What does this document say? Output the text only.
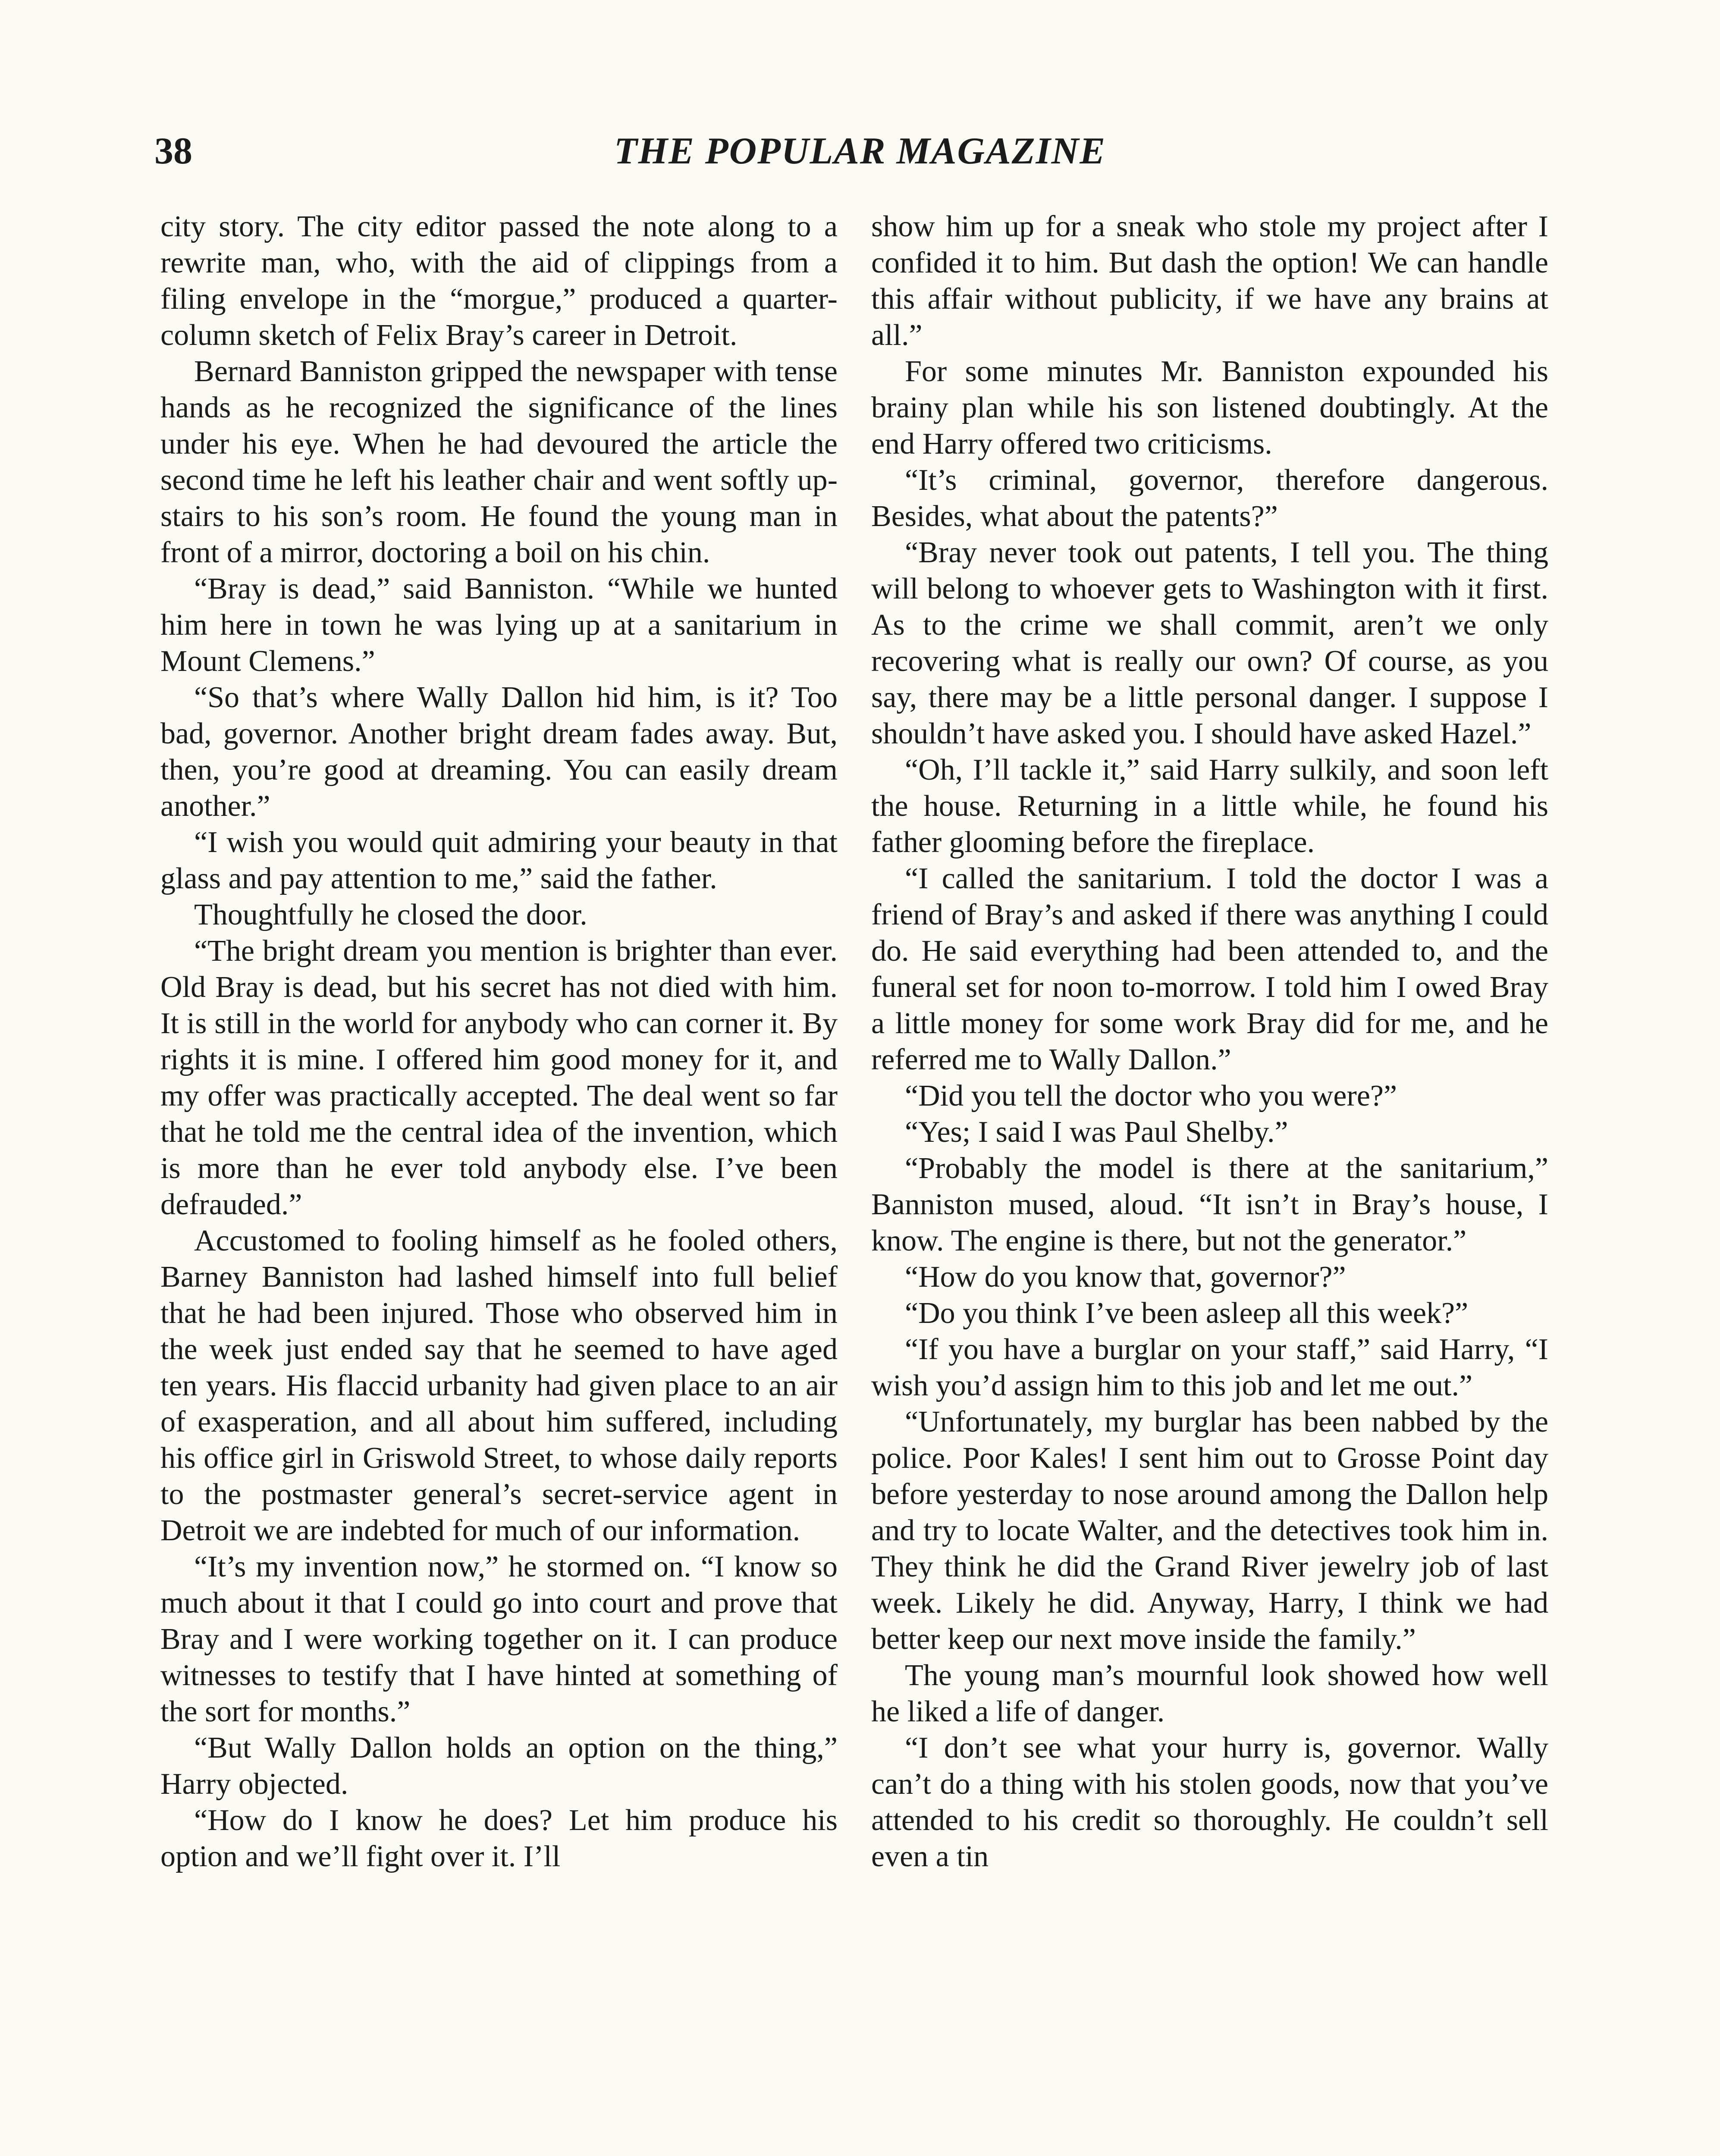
38	THE POPULAR MAGAZINE

city story. The city editor passed the note along to a rewrite man, who, with the aid of clippings from a filing envelope in the “morgue,” produced a quarter-column sketch of Felix Bray’s career in Detroit.

Bernard Banniston gripped the newspaper with tense hands as he recognized the significance of the lines under his eye. When he had devoured the article the second time he left his leather chair and went softly upstairs to his son’s room. He found the young man in front of a mirror, doctoring a boil on his chin.

“Bray is dead,” said Banniston. “While we hunted him here in town he was lying up at a sanitarium in Mount Clemens.”

“So that’s where Wally Dallon hid him, is it? Too bad, governor. Another bright dream fades away. But, then, you’re good at dreaming. You can easily dream another.”

“I wish you would quit admiring your beauty in that glass and pay attention to me,” said the father.

Thoughtfully he closed the door.

“The bright dream you mention is brighter than ever. Old Bray is dead, but his secret has not died with him. It is still in the world for anybody who can corner it. By rights it is mine. I offered him good money for it, and my offer was practically accepted. The deal went so far that he told me the central idea of the invention, which is more than he ever told anybody else. I’ve been defrauded.”

Accustomed to fooling himself as he fooled others, Barney Banniston had lashed himself into full belief that he had been injured. Those who observed him in the week just ended say that he seemed to have aged ten years. His flaccid urbanity had given place to an air of exasperation, and all about him suffered, including his office girl in Griswold Street, to whose daily reports to the postmaster general’s secret-service agent in Detroit we are indebted for much of our information.

“It’s my invention now,” he stormed on. “I know so much about it that I could go into court and prove that Bray and I were working together on it. I can produce witnesses to testify that I have hinted at something of the sort for months.”

“But Wally Dallon holds an option on the thing,” Harry objected.

“How do I know he does? Let him produce his option and we’ll fight over it. I’ll

show him up for a sneak who stole my project after I confided it to him. But dash the option! We can handle this affair without publicity, if we have any brains at all.”

For some minutes Mr. Banniston expounded his brainy plan while his son listened doubtingly. At the end Harry offered two criticisms.

“It’s criminal, governor, therefore dangerous. Besides, what about the patents?”

“Bray never took out patents, I tell you. The thing will belong to whoever gets to Washington with it first. As to the crime we shall commit, aren’t we only recovering what is really our own? Of course, as you say, there may be a little personal danger. I suppose I shouldn’t have asked you. I should have asked Hazel.”

“Oh, I’ll tackle it,” said Harry sulkily, and soon left the house. Returning in a little while, he found his father glooming before the fireplace.

“I called the sanitarium. I told the doctor I was a friend of Bray’s and asked if there was anything I could do. He said everything had been attended to, and the funeral set for noon to-morrow. I told him I owed Bray a little money for some work Bray did for me, and he referred me to Wally Dallon.”

“Did you tell the doctor who you were?”

“Yes; I said I was Paul Shelby.”

“Probably the model is there at the sanitarium,” Banniston mused, aloud. “It isn’t in Bray’s house, I know. The engine is there, but not the generator.”

“How do you know that, governor?”

“Do you think I’ve been asleep all this week?”

“If you have a burglar on your staff,” said Harry, “I wish you’d assign him to this job and let me out.”

“Unfortunately, my burglar has been nabbed by the police. Poor Kales! I sent him out to Grosse Point day before yesterday to nose around among the Dallon help and try to locate Walter, and the detectives took him in. They think he did the Grand River jewelry job of last week. Likely he did. Anyway, Harry, I think we had better keep our next move inside the family.”

The young man’s mournful look showed how well he liked a life of danger.

“I don’t see what your hurry is, governor. Wally can’t do a thing with his stolen goods, now that you’ve attended to his credit so thoroughly. He couldn’t sell even a tin
